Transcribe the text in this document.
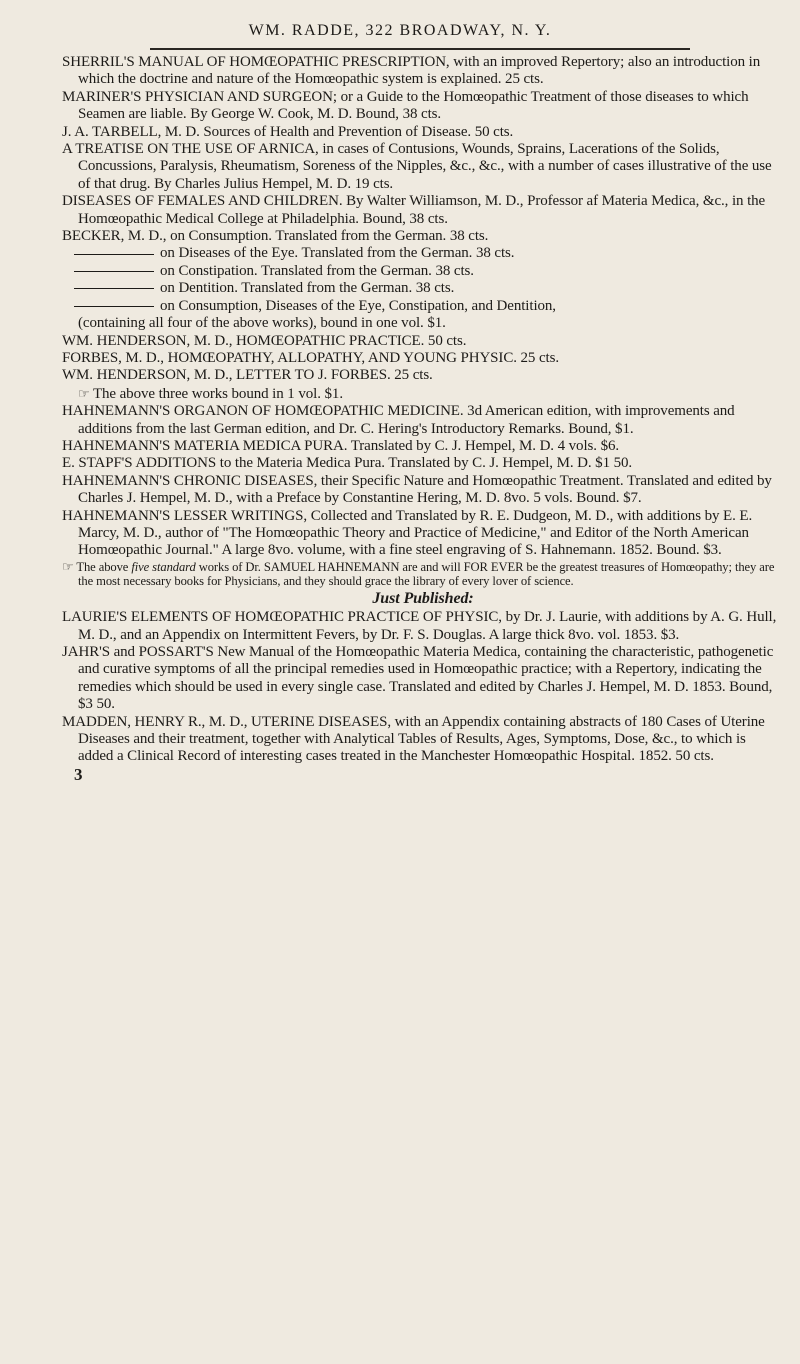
WM. RADDE, 322 BROADWAY, N. Y.

SHERRIL'S MANUAL OF HOMŒOPATHIC PRESCRIPTION, with an improved Repertory; also an introduction in which the doctrine and nature of the Homœopathic system is explained. 25 cts.

MARINER'S PHYSICIAN AND SURGEON; or a Guide to the Homœopathic Treatment of those diseases to which Seamen are liable. By George W. Cook, M. D. Bound, 38 cts.

J. A. TARBELL, M. D. Sources of Health and Prevention of Disease. 50 cts.

A TREATISE ON THE USE OF ARNICA, in cases of Contusions, Wounds, Sprains, Lacerations of the Solids, Concussions, Paralysis, Rheumatism, Soreness of the Nipples, &c., &c., with a number of cases illustrative of the use of that drug. By Charles Julius Hempel, M. D. 19 cts.

DISEASES OF FEMALES AND CHILDREN. By Walter Williamson, M. D., Professor af Materia Medica, &c., in the Homœopathic Medical College at Philadelphia. Bound, 38 cts.

BECKER, M. D., on Consumption. Translated from the German. 38 cts.

on Diseases of the Eye. Translated from the German. 38 cts.

on Constipation. Translated from the German. 38 cts.

on Dentition. Translated from the German. 38 cts.

on Consumption, Diseases of the Eye, Constipation, and Dentition,

(containing all four of the above works), bound in one vol. $1.

WM. HENDERSON, M. D., HOMŒOPATHIC PRACTICE. 50 cts.

FORBES, M. D., HOMŒOPATHY, ALLOPATHY, AND YOUNG PHYSIC. 25 cts.

WM. HENDERSON, M. D., LETTER TO J. FORBES. 25 cts.

☞ The above three works bound in 1 vol. $1.

HAHNEMANN'S ORGANON OF HOMŒOPATHIC MEDICINE. 3d American edition, with improvements and additions from the last German edition, and Dr. C. Hering's Introductory Remarks. Bound, $1.

HAHNEMANN'S MATERIA MEDICA PURA. Translated by C. J. Hempel, M. D. 4 vols. $6.

E. STAPF'S ADDITIONS to the Materia Medica Pura. Translated by C. J. Hempel, M. D. $1 50.

HAHNEMANN'S CHRONIC DISEASES, their Specific Nature and Homœopathic Treatment. Translated and edited by Charles J. Hempel, M. D., with a Preface by Constantine Hering, M. D. 8vo. 5 vols. Bound. $7.

HAHNEMANN'S LESSER WRITINGS, Collected and Translated by R. E. Dudgeon, M. D., with additions by E. E. Marcy, M. D., author of "The Homœopathic Theory and Practice of Medicine," and Editor of the North American Homœopathic Journal." A large 8vo. volume, with a fine steel engraving of S. Hahnemann. 1852. Bound. $3.

☞ The above five standard works of Dr. SAMUEL HAHNEMANN are and will FOR EVER be the greatest treasures of Homœopathy; they are the most necessary books for Physicians, and they should grace the library of every lover of science.

Just Published:

LAURIE'S ELEMENTS OF HOMŒOPATHIC PRACTICE OF PHYSIC, by Dr. J. Laurie, with additions by A. G. Hull, M. D., and an Appendix on Intermittent Fevers, by Dr. F. S. Douglas. A large thick 8vo. vol. 1853. $3.

JAHR'S and POSSART'S New Manual of the Homœopathic Materia Medica, containing the characteristic, pathogenetic and curative symptoms of all the principal remedies used in Homœopathic practice; with a Repertory, indicating the remedies which should be used in every single case. Translated and edited by Charles J. Hempel, M. D. 1853. Bound, $3 50.

MADDEN, HENRY R., M. D., UTERINE DISEASES, with an Appendix containing abstracts of 180 Cases of Uterine Diseases and their treatment, together with Analytical Tables of Results, Ages, Symptoms, Dose, &c., to which is added a Clinical Record of interesting cases treated in the Manchester Homœopathic Hospital. 1852. 50 cts.

3
